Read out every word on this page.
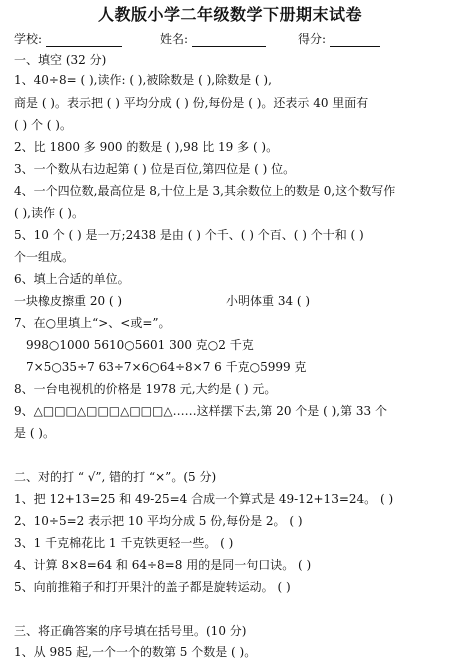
人教版小学二年级数学下册期末试卷
学校:	姓名:	得分:
一、填空 (32 分)
1、40÷8= ( ),读作: ( ),被除数是 ( ),除数是 ( ),
商是 ( )。表示把 ( ) 平均分成 ( ) 份,每份是 ( )。还表示 40 里面有
( ) 个 ( )。
2、比 1800 多 900 的数是 ( ),98 比 19 多 ( )。
3、一个数从右边起第 ( ) 位是百位,第四位是 ( ) 位。
4、一个四位数,最高位是 8,十位上是 3,其余数位上的数是 0,这个数写作
( ),读作 ( )。
5、10 个 ( ) 是一万;2438 是由 ( ) 个千、( ) 个百、( ) 个十和 ( )
个一组成。
6、填上合适的单位。
一块橡皮擦重 20 ( )	小明体重 34 ( )
7、在○里填上“>、<或=”。
998○1000 5610○5601 300 克○2 千克
7×5○35÷7 63÷7×6○64÷8×7 6 千克○5999 克
8、一台电视机的价格是 1978 元,大约是 ( ) 元。
9、△□□□△□□□△□□□△……这样摆下去,第 20 个是 ( ),第 33 个
是 ( )。
二、对的打 “ √”, 错的打 “×”。(5 分)
1、把 12+13=25 和 49-25=4 合成一个算式是 49-12+13=24。 ( )
2、10÷5=2 表示把 10 平均分成 5 份,每份是 2。 ( )
3、1 千克棉花比 1 千克铁更轻一些。 ( )
4、计算 8×8=64 和 64÷8=8 用的是同一句口诀。 ( )
5、向前推箱子和打开果汁的盖子都是旋转运动。 ( )
三、将正确答案的序号填在括号里。(10 分)
1、从 985 起,一个一个的数第 5 个数是 ( )。
